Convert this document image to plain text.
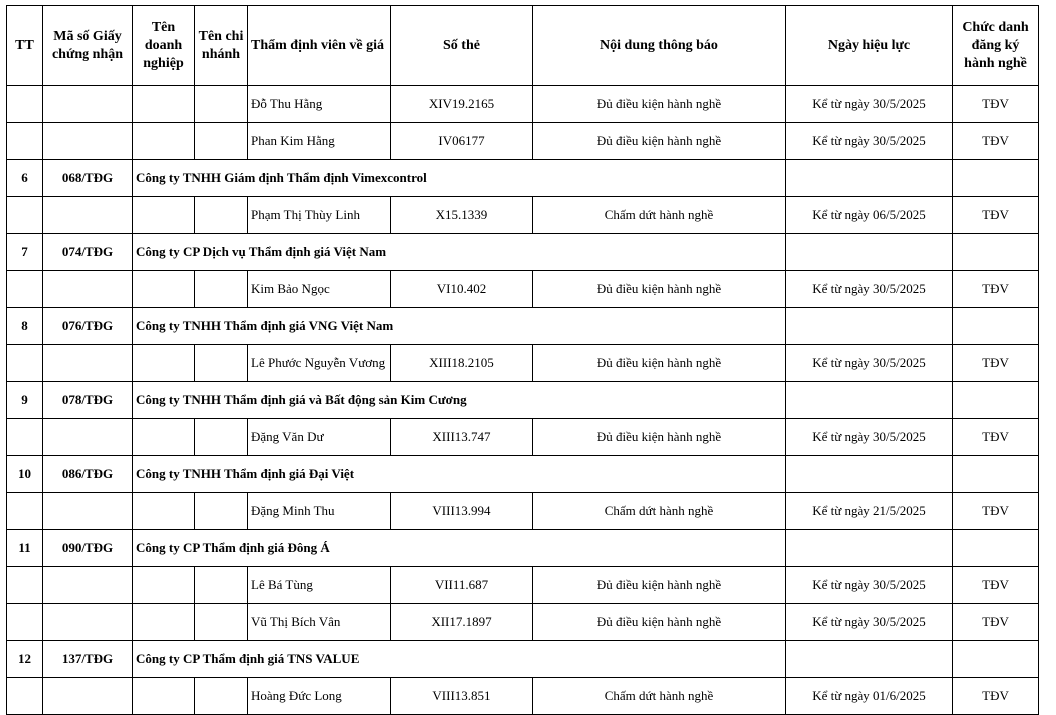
TT	Mã số Giấy chứng nhận	Tên doanh nghiệp	Tên chi nhánh	Thẩm định viên về giá	Số thẻ	Nội dung thông báo	Ngày hiệu lực	Chức danh đăng ký hành nghề
				Đỗ Thu Hằng	XIV19.2165	Đủ điều kiện hành nghề	Kể từ ngày 30/5/2025	TĐV
				Phan Kim Hằng	IV06177	Đủ điều kiện hành nghề	Kể từ ngày 30/5/2025	TĐV
6	068/TĐG	Công ty TNHH Giám định Thẩm định Vimexcontrol						
				Phạm Thị Thùy Linh	X15.1339	Chấm dứt hành nghề	Kể từ ngày 06/5/2025	TĐV
7	074/TĐG	Công ty CP Dịch vụ Thẩm định giá Việt Nam						
				Kim Bảo Ngọc	VI10.402	Đủ điều kiện hành nghề	Kể từ ngày 30/5/2025	TĐV
8	076/TĐG	Công ty TNHH Thẩm định giá VNG Việt Nam						
				Lê Phước Nguyễn Vương	XIII18.2105	Đủ điều kiện hành nghề	Kể từ ngày 30/5/2025	TĐV
9	078/TĐG	Công ty TNHH Thẩm định giá và Bất động sản Kim Cương						
				Đặng Văn Dư	XIII13.747	Đủ điều kiện hành nghề	Kể từ ngày 30/5/2025	TĐV
10	086/TĐG	Công ty TNHH Thẩm định giá Đại Việt						
				Đặng Minh Thu	VIII13.994	Chấm dứt hành nghề	Kể từ ngày 21/5/2025	TĐV
11	090/TĐG	Công ty CP Thẩm định giá Đông Á						
				Lê Bá Tùng	VII11.687	Đủ điều kiện hành nghề	Kể từ ngày 30/5/2025	TĐV
				Vũ Thị Bích Vân	XII17.1897	Đủ điều kiện hành nghề	Kể từ ngày 30/5/2025	TĐV
12	137/TĐG	Công ty CP Thẩm định giá TNS VALUE						
				Hoàng Đức Long	VIII13.851	Chấm dứt hành nghề	Kể từ ngày 01/6/2025	TĐV
